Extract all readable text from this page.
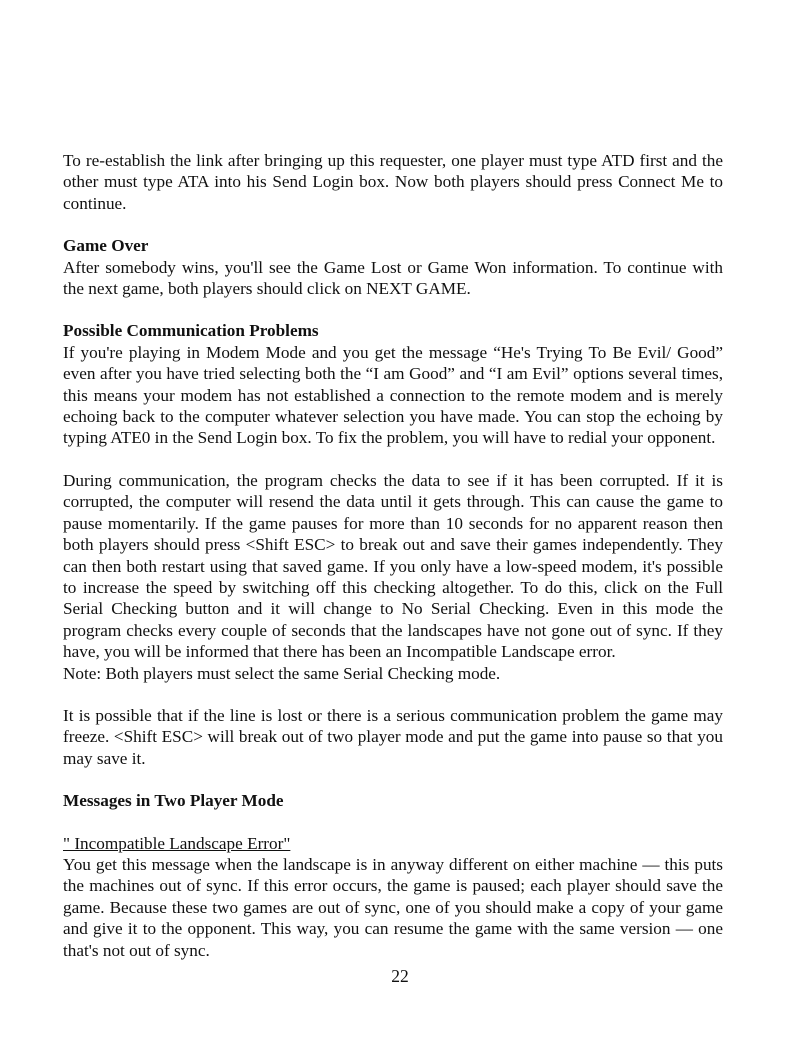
To re-establish the link after bringing up this requester, one player must type ATD first and the other must type ATA into his Send Login box. Now both players should press Connect Me to continue.

Game Over
After somebody wins, you'll see the Game Lost or Game Won information. To continue with the next game, both players should click on NEXT GAME.
Possible Communication Problems
If you're playing in Modem Mode and you get the message “He's Trying To Be Evil/ Good” even after you have tried selecting both the “I am Good” and “I am Evil” options several times, this means your modem has not established a connection to the remote modem and is merely echoing back to the computer whatever selection you have made. You can stop the echoing by typing ATE0 in the Send Login box. To fix the problem, you will have to redial your opponent.
During communication, the program checks the data to see if it has been corrupted. If it is corrupted, the computer will resend the data until it gets through. This can cause the game to pause momentarily. If the game pauses for more than 10 seconds for no apparent reason then both players should press <Shift ESC> to break out and save their games independently. They can then both restart using that saved game. If you only have a low-speed modem, it's possible to increase the speed by switching off this checking altogether. To do this, click on the Full Serial Checking button and it will change to No Serial Checking. Even in this mode the program checks every couple of seconds that the landscapes have not gone out of sync. If they have, you will be informed that there has been an Incompatible Landscape error.
Note: Both players must select the same Serial Checking mode.

It is possible that if the line is lost or there is a serious communication problem the game may freeze. <Shift ESC> will break out of two player mode and put the game into pause so that you may save it.

Messages in Two Player Mode
" Incompatible Landscape Error"
You get this message when the landscape is in anyway different on either machine — this puts the machines out of sync. If this error occurs, the game is paused; each player should save the game. Because these two games are out of sync, one of you should make a copy of your game and give it to the opponent. This way, you can resume the game with the same version — one that's not out of sync.
22
